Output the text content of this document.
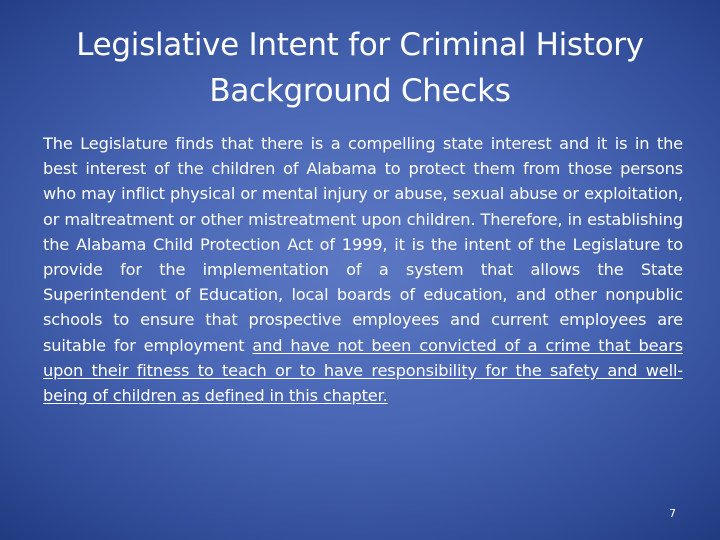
Legislative Intent for Criminal History Background Checks

The Legislature finds that there is a compelling state interest and it is in the best interest of the children of Alabama to protect them from those persons who may inflict physical or mental injury or abuse, sexual abuse or exploitation, or maltreatment or other mistreatment upon children. Therefore, in establishing the Alabama Child Protection Act of 1999, it is the intent of the Legislature to provide for the implementation of a system that allows the State Superintendent of Education, local boards of education, and other nonpublic schools to ensure that prospective employees and current employees are suitable for employment and have not been convicted of a crime that bears upon their fitness to teach or to have responsibility for the safety and well-being of children as defined in this chapter.

7
